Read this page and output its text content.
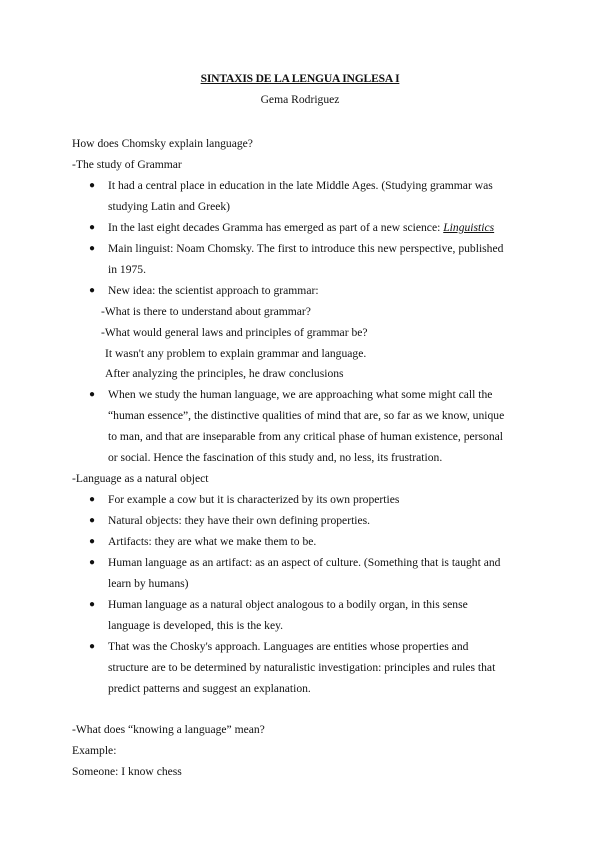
SINTAXIS DE LA LENGUA INGLESA I
Gema Rodriguez
How does Chomsky explain language?
-The study of Grammar
● It had a central place in education in the late Middle Ages. (Studying grammar was
studying Latin and Greek)
● In the last eight decades Gramma has emerged as part of a new science: Linguistics
● Main linguist: Noam Chomsky. The first to introduce this new perspective, published
in 1975.
● New idea: the scientist approach to grammar:
-What is there to understand about grammar?
-What would general laws and principles of grammar be?
It wasn't any problem to explain grammar and language.
After analyzing the principles, he draw conclusions
● When we study the human language, we are approaching what some might call the
“human essence”, the distinctive qualities of mind that are, so far as we know, unique
to man, and that are inseparable from any critical phase of human existence, personal
or social. Hence the fascination of this study and, no less, its frustration.
-Language as a natural object
● For example a cow but it is characterized by its own properties
● Natural objects: they have their own defining properties.
● Artifacts: they are what we make them to be.
● Human language as an artifact: as an aspect of culture. (Something that is taught and
learn by humans)
● Human language as a natural object analogous to a bodily organ, in this sense
language is developed, this is the key.
● That was the Chosky's approach. Languages are entities whose properties and
structure are to be determined by naturalistic investigation: principles and rules that
predict patterns and suggest an explanation.
-What does “knowing a language” mean?
Example:
Someone: I know chess
